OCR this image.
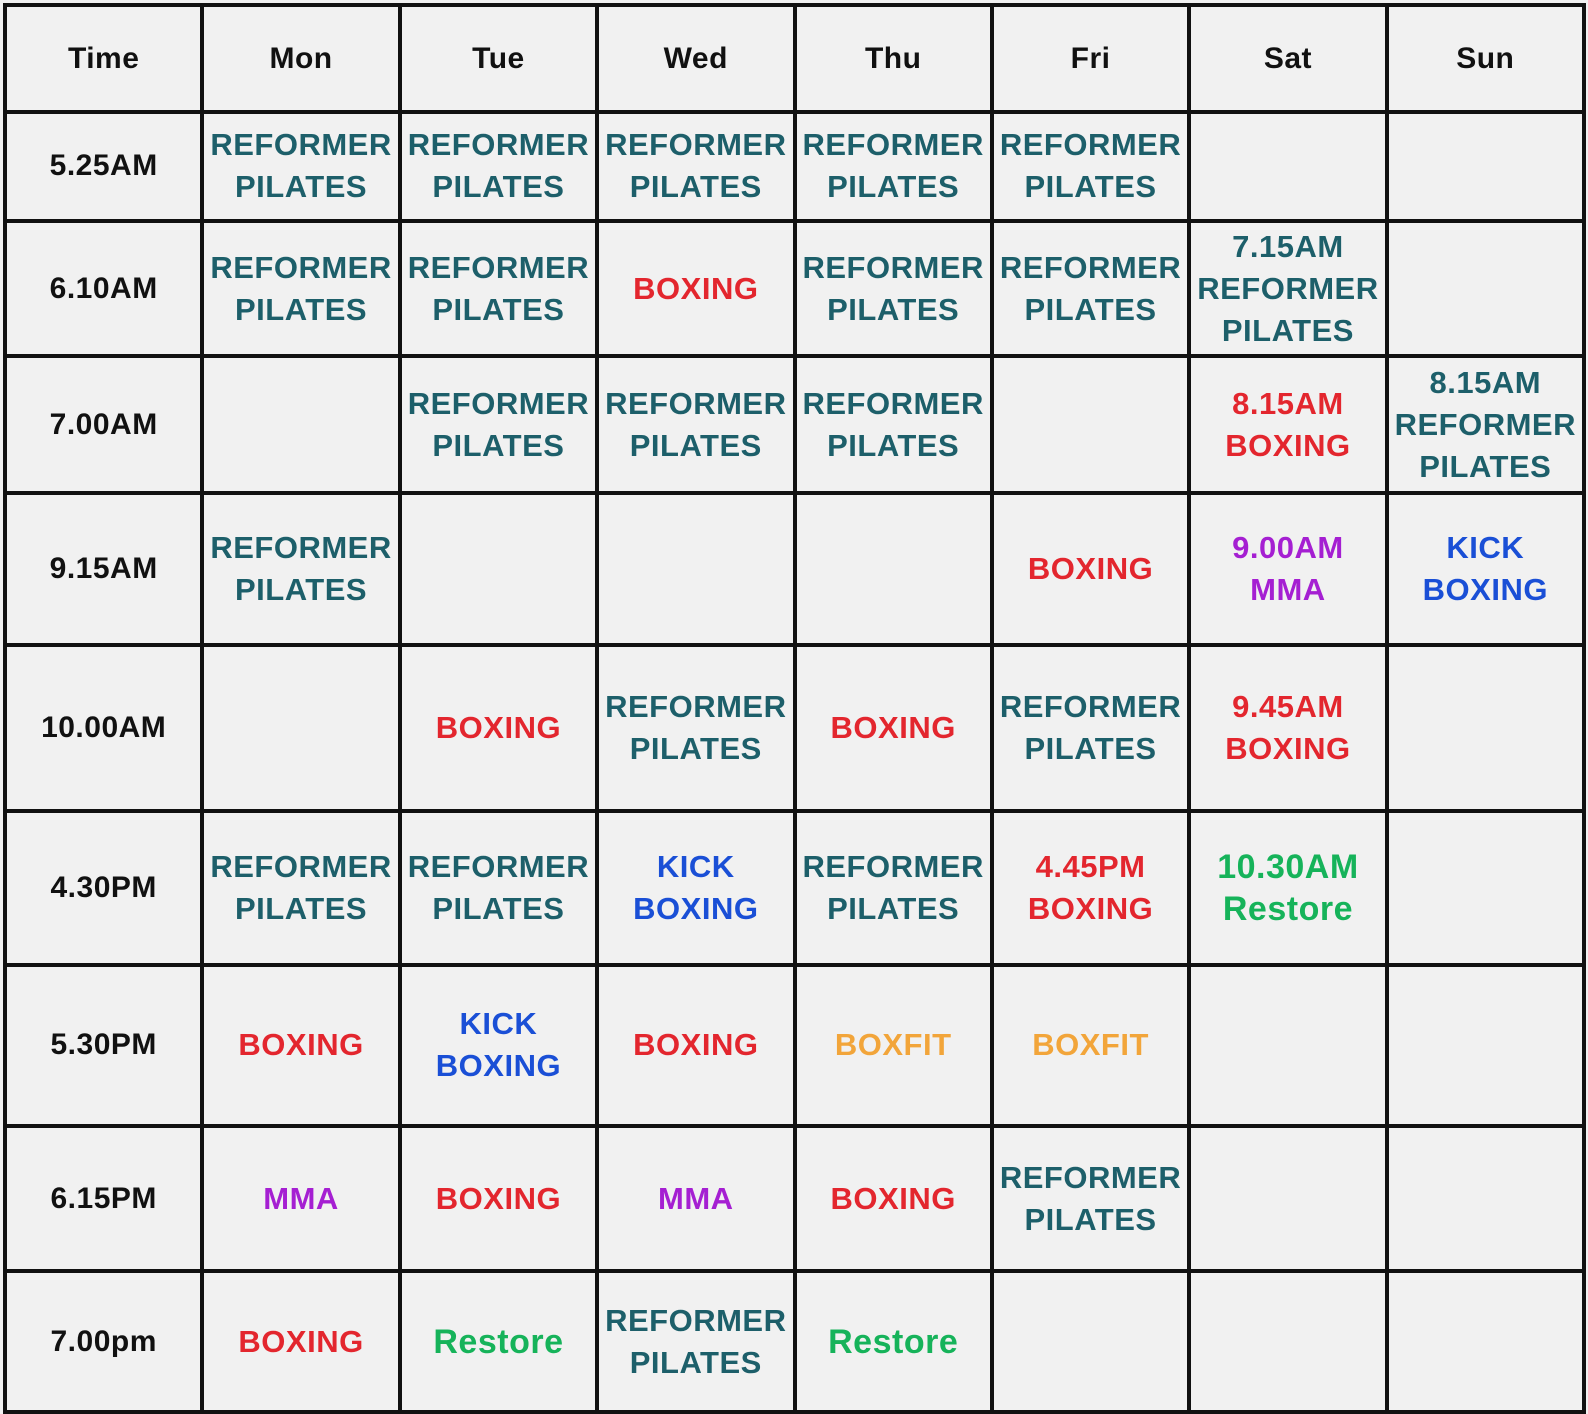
Time	Mon	Tue	Wed	Thu	Fri	Sat	Sun
5.25AM	REFORMER
PILATES	REFORMER
PILATES	REFORMER
PILATES	REFORMER
PILATES	REFORMER
PILATES		

6.10AM	REFORMER
PILATES	REFORMER
PILATES	BOXING	REFORMER
PILATES	REFORMER
PILATES	7.15AM
REFORMER
PILATES	

7.00AM		REFORMER
PILATES	REFORMER
PILATES	REFORMER
PILATES		8.15AM
BOXING	8.15AM
REFORMER
PILATES

9.15AM	REFORMER
PILATES				BOXING	9.00AM
MMA	KICK
BOXING

10.00AM		BOXING	REFORMER
PILATES	BOXING	REFORMER
PILATES	9.45AM
BOXING	

4.30PM	REFORMER
PILATES	REFORMER
PILATES	KICK
BOXING	REFORMER
PILATES	4.45PM
BOXING	10.30AM
Restore	

5.30PM	BOXING	KICK
BOXING	BOXING	BOXFIT	BOXFIT		

6.15PM	MMA	BOXING	MMA	BOXING	REFORMER
PILATES		

7.00pm	BOXING	Restore	REFORMER
PILATES	Restore			
